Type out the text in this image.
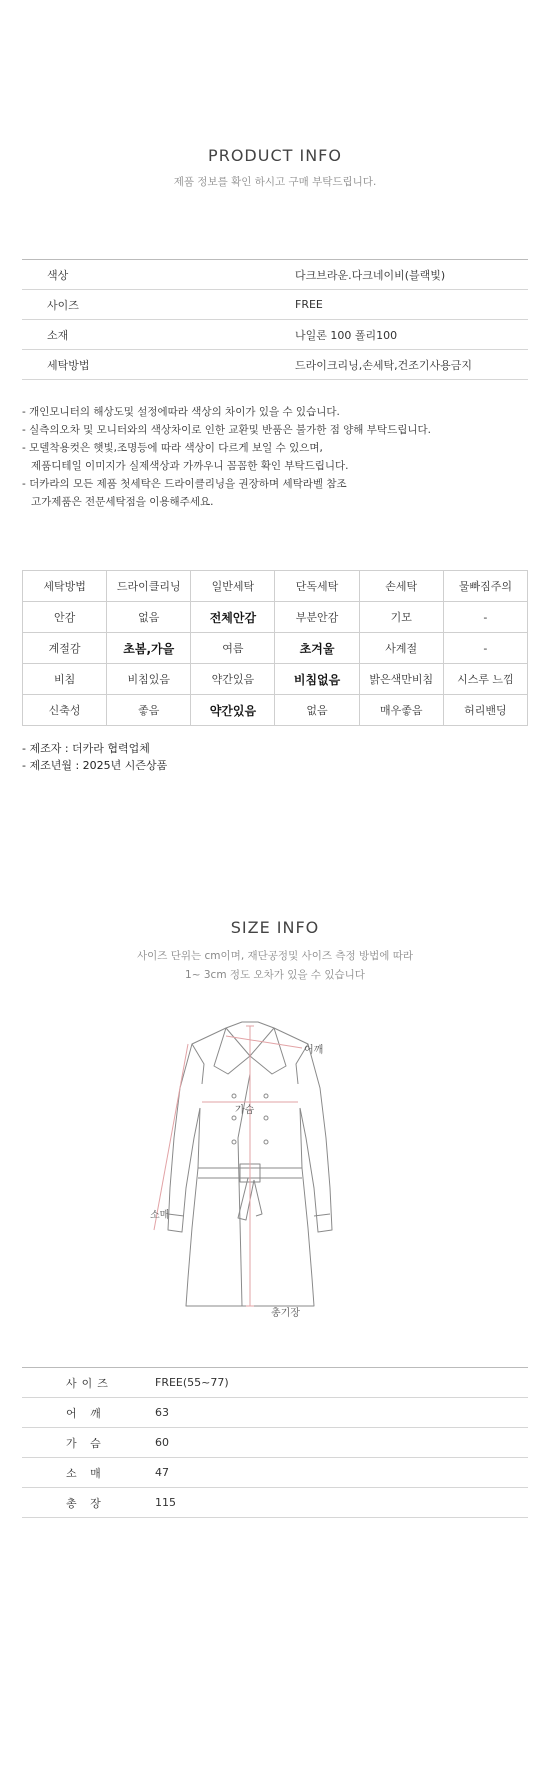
PRODUCT INFO
제품 정보를 확인 하시고 구매 부탁드립니다.
색상	다크브라운.다크네이비(블랙빛)
사이즈	FREE
소재	나일론 100 폴리100
세탁방법	드라이크리닝,손세탁,건조기사용금지
- 개인모니터의 해상도및 설정에따라 색상의 차이가 있을 수 있습니다.
- 실측의오차 및 모니터와의 색상차이로 인한 교환및 반품은 불가한 점 양해 부탁드립니다.
- 모델착용컷은 햇빛,조명등에 따라 색상이 다르게 보일 수 있으며,
제품디테일 이미지가 실제색상과 가까우니 꼼꼼한 확인 부탁드립니다.
- 더카라의 모든 제품 첫세탁은 드라이클리닝을 권장하며 세탁라벨 참조
고가제품은 전문세탁점을 이용해주세요.
세탁방법	드라이클리닝	일반세탁	단독세탁	손세탁	물빠짐주의
안감	없음	전체안감	부분안감	기모	-
계절감	초봄,가을	여름	초겨울	사계절	-
비침	비침있음	약간있음	비침없음	밝은색만비침	시스루 느낌
신축성	좋음	약간있음	없음	매우좋음	허리밴딩
- 제조자 : 더카라 협력업체
- 제조년월 : 2025년 시즌상품
SIZE INFO
사이즈 단위는 cm이며, 재단공정및 사이즈 측정 방법에 따라
1~ 3cm 정도 오차가 있을 수 있습니다
어깨
가슴
소매
총기장
사이즈	FREE(55~77)
어 깨	63
가 슴	60
소 매	47
총 장	115
